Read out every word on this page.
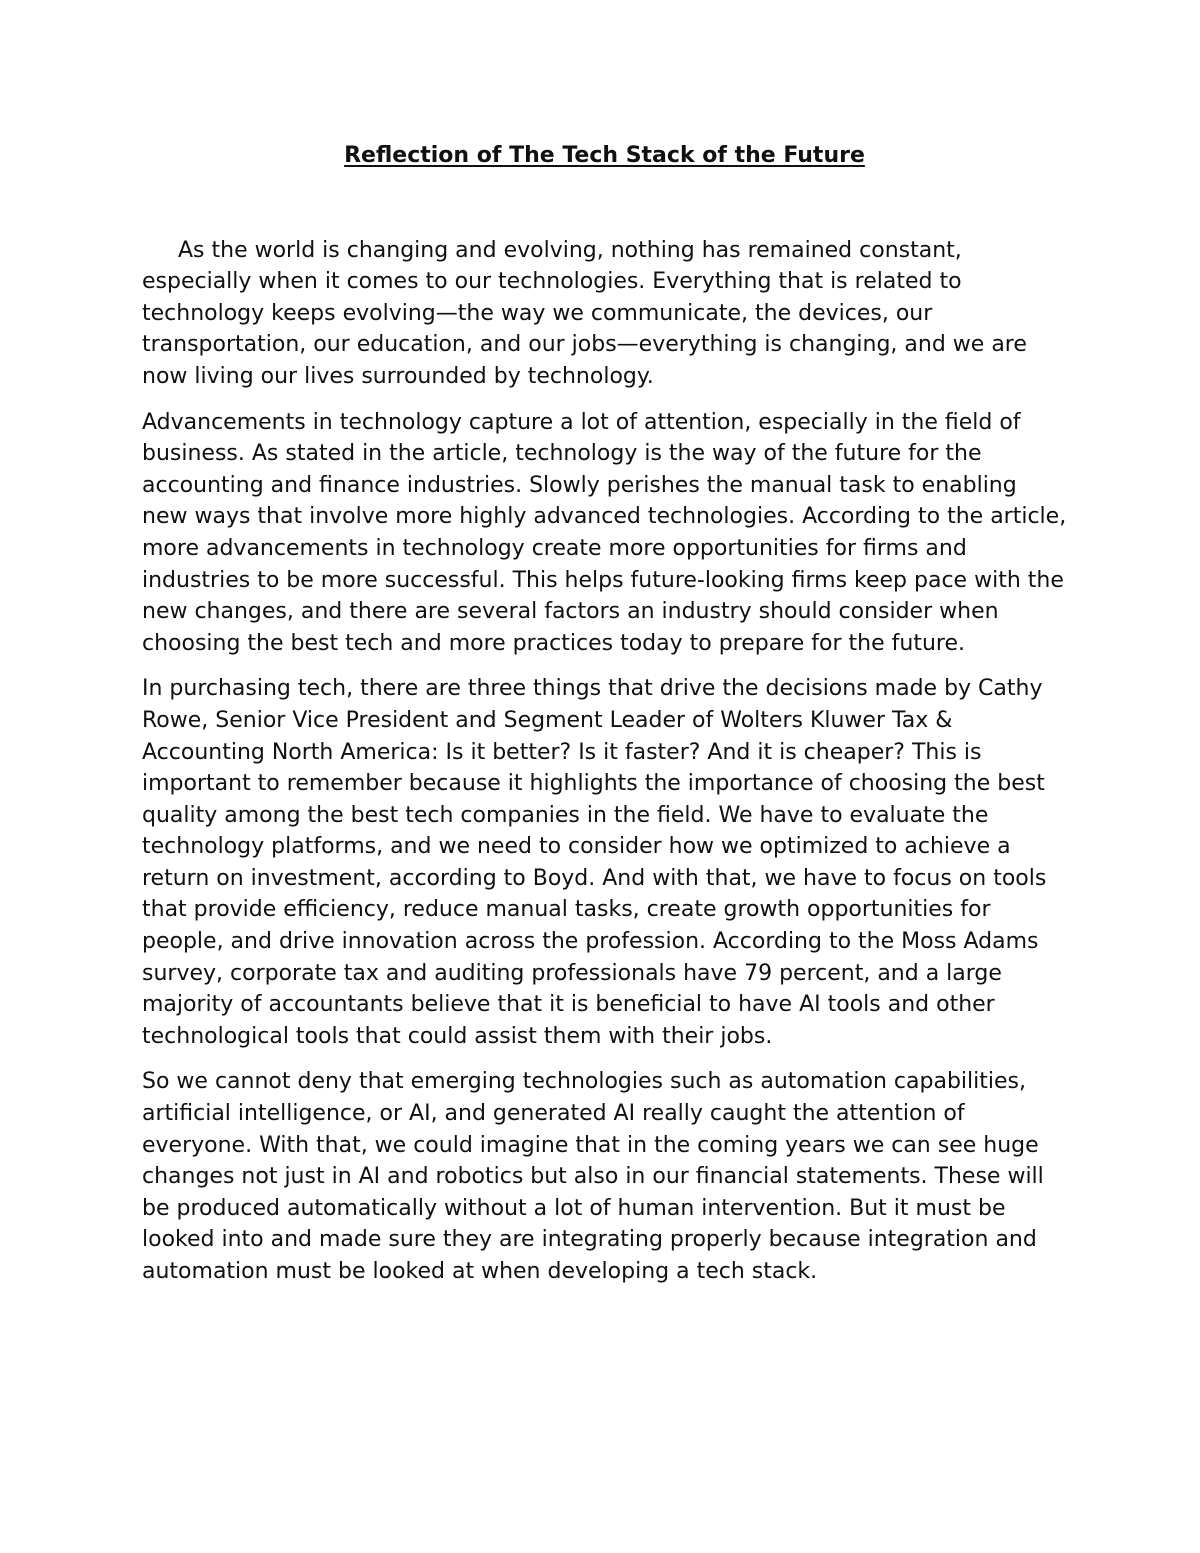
Reflection of The Tech Stack of the Future

As the world is changing and evolving, nothing has remained constant, especially when it comes to our technologies. Everything that is related to technology keeps evolving—the way we communicate, the devices, our transportation, our education, and our jobs—everything is changing, and we are now living our lives surrounded by technology.

Advancements in technology capture a lot of attention, especially in the field of business. As stated in the article, technology is the way of the future for the accounting and finance industries. Slowly perishes the manual task to enabling new ways that involve more highly advanced technologies. According to the article, more advancements in technology create more opportunities for firms and industries to be more successful. This helps future-looking firms keep pace with the new changes, and there are several factors an industry should consider when choosing the best tech and more practices today to prepare for the future.

In purchasing tech, there are three things that drive the decisions made by Cathy Rowe, Senior Vice President and Segment Leader of Wolters Kluwer Tax & Accounting North America: Is it better? Is it faster? And it is cheaper? This is important to remember because it highlights the importance of choosing the best quality among the best tech companies in the field. We have to evaluate the technology platforms, and we need to consider how we optimized to achieve a return on investment, according to Boyd. And with that, we have to focus on tools that provide efficiency, reduce manual tasks, create growth opportunities for people, and drive innovation across the profession. According to the Moss Adams survey, corporate tax and auditing professionals have 79 percent, and a large majority of accountants believe that it is beneficial to have AI tools and other technological tools that could assist them with their jobs.

So we cannot deny that emerging technologies such as automation capabilities, artificial intelligence, or AI, and generated AI really caught the attention of everyone. With that, we could imagine that in the coming years we can see huge changes not just in AI and robotics but also in our financial statements. These will be produced automatically without a lot of human intervention. But it must be looked into and made sure they are integrating properly because integration and automation must be looked at when developing a tech stack.
